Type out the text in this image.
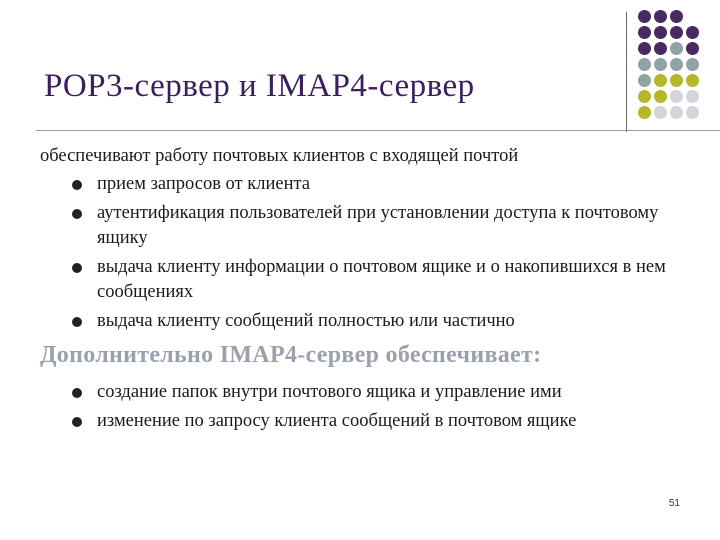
POP3-сервер и IMAP4-сервер
обеспечивают работу почтовых клиентов с входящей почтой
прием запросов от клиента
аутентификация пользователей при установлении доступа к почтовому ящику
выдача клиенту информации о почтовом ящике и о накопившихся в нем сообщениях
выдача клиенту сообщений полностью или частично
Дополнительно IMAP4-сервер обеспечивает:
создание папок внутри почтового ящика и управление ими
изменение по запросу клиента сообщений в почтовом ящике
51
